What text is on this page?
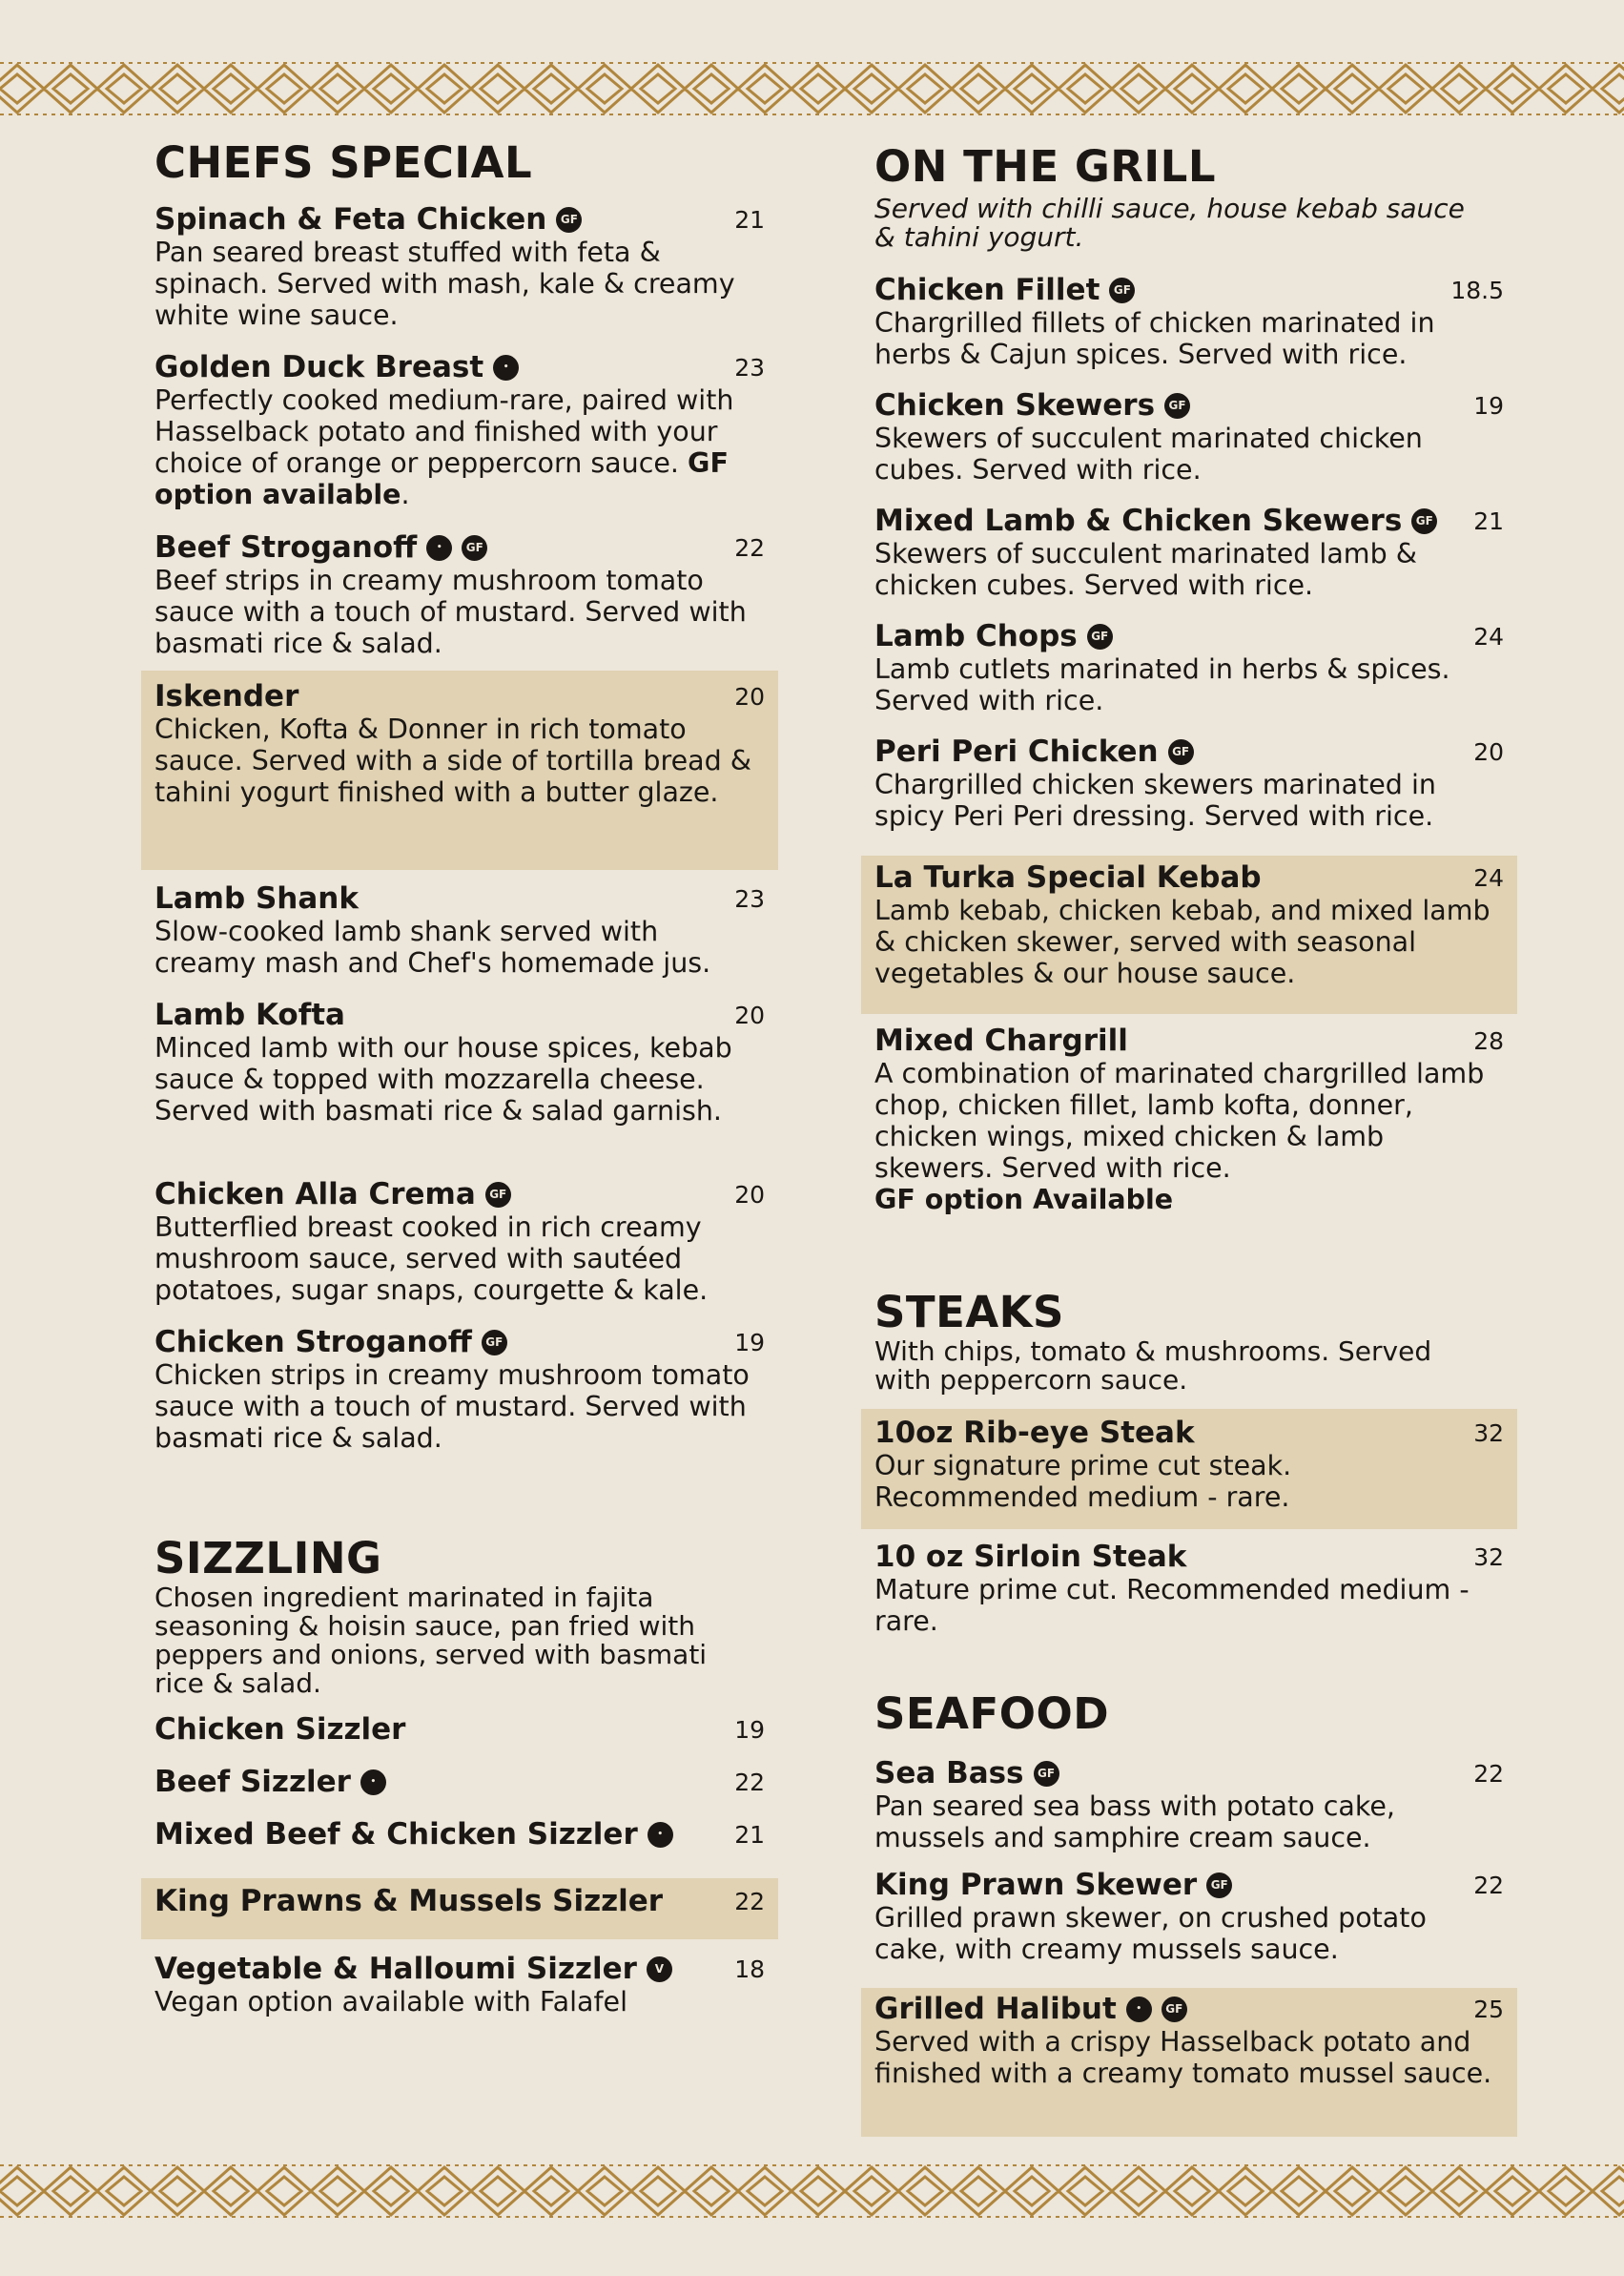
CHEFS SPECIAL
Spinach & Feta Chicken	GF	21

Pan seared breast stuffed with feta & spinach. Served with mash, kale & creamy white wine sauce.

Golden Duck Breast	•	23

Perfectly cooked medium-rare, paired with Hasselback potato and finished with your choice of orange or peppercorn sauce. GF option available.

Beef Stroganoff	•	GF	22

Beef strips in creamy mushroom tomato sauce with a touch of mustard. Served with basmati rice & salad.

Iskender	20

Chicken, Kofta & Donner in rich tomato sauce. Served with a side of tortilla bread & tahini yogurt finished with a butter glaze.

Lamb Shank	23

Slow-cooked lamb shank served with creamy mash and Chef's homemade jus.

Lamb Kofta	20

Minced lamb with our house spices, kebab sauce & topped with mozzarella cheese. Served with basmati rice & salad garnish.

Chicken Alla Crema	GF	20

Butterflied breast cooked in rich creamy mushroom sauce, served with sautéed potatoes, sugar snaps, courgette & kale.

Chicken Stroganoff	GF	19

Chicken strips in creamy mushroom tomato sauce with a touch of mustard. Served with basmati rice & salad.

SIZZLING

Chosen ingredient marinated in fajita seasoning & hoisin sauce, pan fried with peppers and onions, served with basmati rice & salad.

Chicken Sizzler	19
Beef Sizzler	•	22
Mixed Beef & Chicken Sizzler	•	21
King Prawns & Mussels Sizzler	22
Vegetable & Halloumi Sizzler	V	18

Vegan option available with Falafel

ON THE GRILL

Served with chilli sauce, house kebab sauce & tahini yogurt.

Chicken Fillet	GF	18.5

Chargrilled fillets of chicken marinated in herbs & Cajun spices. Served with rice.

Chicken Skewers	GF	19

Skewers of succulent marinated chicken cubes. Served with rice.

Mixed Lamb & Chicken Skewers	GF 21

Skewers of succulent marinated lamb & chicken cubes. Served with rice.

Lamb Chops	GF	24

Lamb cutlets marinated in herbs & spices. Served with rice.

Peri Peri Chicken	GF	20

Chargrilled chicken skewers marinated in spicy Peri Peri dressing. Served with rice.

La Turka Special Kebab	24

Lamb kebab, chicken kebab, and mixed lamb & chicken skewer, served with seasonal vegetables & our house sauce.

Mixed Chargrill	28

A combination of marinated chargrilled lamb chop, chicken fillet, lamb kofta, donner, chicken wings, mixed chicken & lamb skewers. Served with rice.
GF option Available

STEAKS

With chips, tomato & mushrooms. Served with peppercorn sauce.

10oz Rib-eye Steak	32

Our signature prime cut steak. Recommended medium - rare.

10 oz Sirloin Steak	32

Mature prime cut. Recommended medium - rare.

SEAFOOD
Sea Bass	GF	22

Pan seared sea bass with potato cake, mussels and samphire cream sauce.

King Prawn Skewer	GF	22

Grilled prawn skewer, on crushed potato cake, with creamy mussels sauce.

Grilled Halibut	•	GF	25

Served with a crispy Hasselback potato and finished with a creamy tomato mussel sauce.
